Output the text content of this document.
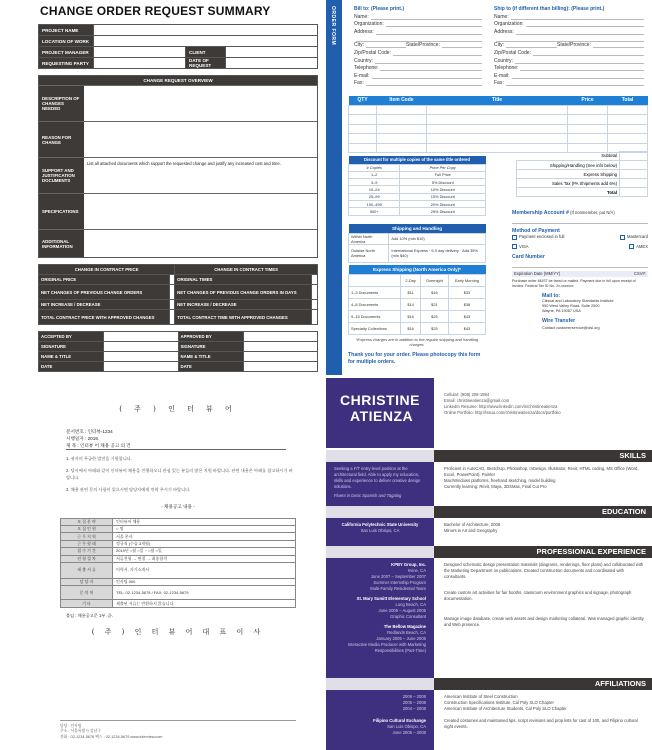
CHANGE ORDER REQUEST SUMMARY
PROJECT NAME			
LOCATION OF WORK			
PROJECT MANAGER		CLIENT	
REQUESTING PARTY		DATE OF REQUEST	
CHANGE REQUEST OVERVIEW
DESCRIPTION OF CHANGES NEEDED
REASON FOR CHANGE
SUPPORT AND JUSTIFICATION DOCUMENTS
List all attached documents which support the requested change and justify any increased cost and time.
SPECIFICATIONS
ADDITIONAL INFORMATION
CHANGE IN CONTRACT PRICE		CHANGE IN CONTRACT TIMES	
ORIGINAL PRICE		ORIGINAL TIMES	
NET CHANGES OF PREVIOUS CHANGE ORDERS		NET CHANGES OF PREVIOUS CHANGE ORDERS IN DAYS	
NET INCREASE / DECREASE		NET INCREASE / DECREASE	
TOTAL CONTRACT PRICE WITH APPROVED CHANGES		TOTAL CONTRACT TIME WITH APPROVED CHANGES	
ACCEPTED BY		APPROVED BY	
SIGNATURE		SIGNATURE	
NAME & TITLE		NAME & TITLE	
DATE		DATE	
ORDER FORM	Bill to: (Please print.)
Name:
Organization:
Address:
City:	State/Province:
Zip/Postal Code:
Country:
Telephone:
E-mail:
Fax:
Ship to (if different than billing): (Please print.)
Name:
Organization:
Address:
City:	State/Province:
Zip/Postal Code:
Country:
Telephone:
E-mail:
Fax:
QTY	Item Code	Title	Price	Total

Subtotal	
Shipping/Handling (See info below)	
Express Shipping	
Sales Tax (PA Shipments add 6%)	
Total	
Discount for multiple copies of the same title ordered	
# Copies	Price Per Copy
1–2	Full Price
3–9	5% Discount
10–24	10% Discount
25–99	15% Discount
100–499	20% Discount
500+	25% Discount
Shipping and Handling	
Within North America	Add 10% (min $10)
Outside North America	International Express · 5-9 day delivery · Add 35% (min $40)
Express Shipping (North America Only)*			
	2-Day	Overnight	Early Morning
1–3 Documents	$11	$16	$33
4–8 Documents	$14	$21	$38
9–15 Documents	$16	$25	$43
Specialty Collections	$16	$25	$43
*Express charges are in addition to the regular shipping and handling charges.
Thank you for your order. Please photocopy this form for multiple orders.
Membership Account # (If nonmember, put N/A)
Method of Payment
Payment enclosed in full	Mastercard
VISA	AMEX
Card Number
Expiration Date (MM/YY)	CSV#:
Purchase order MUST be faxed or mailed. Payment due in full upon receipt of invoice. Federal Tax ID No. 2x-xxxxxxx
Mail to:
Clinical and Laboratory Standards Institute
950 West Valley Road, Suite 2500
Wayne, PA 19087 USA
Wire Transfer
Contact customerservice@clsi.org
( 주 ) 인 터 뷰 어
문서번호 : 인터뷰-1234
시행일자 : 2019.
제 목 : 인터뷰 어 채용 공고 의 건
1. 귀사의 무궁한 발전을 기원합니다.
2. 당사에서 아래와 같이 인터뷰어 채용을 진행하오니 관심 있는 분들의 많은 지원 바랍니다. 관련 내용은 아래를 참고하시기 바랍니다.
3. 채용 관련 문의 사항이 있으시면 담당자에게 연락 주시기 바랍니다.
- 채용공고 내용 -
모 집 분 야	인터뷰어 채용
모 집 인 원	○ 명
근 무 지 역	서울 본사
근 무 형 태	정규직 (수습 3개월)
접 수 기 간	2019년 ○월 ○일 ~ ○월 ○일
전 형 절 차	서류전형 → 면접 → 최종합격
제 출 서 류	이력서, 자기소개서
담 당 자	인사팀 000
문 의 처	TEL: 02-1234-5678 / FAX: 02-1234-5679
기 타	제출된 서류는 반환하지 않습니다.
붙임 : 채용공고문 1부. 끝.
( 주 ) 인 터 뷰 어 대 표 이 사
담당 : 인사팀
주소 : 서울특별시 강남구
전화 : 02-1234-5678 팩스 : 02-1234-5679 www.interview.com
CHRISTINE
ATIENZA
Cellular: (909) 208-1984
Email: christineatienza@gmail.com
LinkedIn Resume: http://www.linkedin.com/in/christineatienza
Online Portfolio: http://issuu.com/christineatienza/docs/portfolio
SKILLS
Seeking a F/T entry-level position at the architectural field. Able to apply my education, skills and experience to deliver creative design solutions.
Fluent in basic Spanish and Tagalog
Proficient in AutoCAD, SketchUp, Photoshop, InDesign, Illustrator, Revit, HTML coding, MS Office (Word, Excel, PowerPoint), Painter
Mac/Windows platforms, freehand sketching, model building
Currently learning: Revit, Maya, 3DSMax, Final Cut Pro
EDUCATION
California Polytechnic State University
San Luis Obispo, CA
Bachelor of Architecture, 2008
Minors in Art and Geography
PROFESSIONAL EXPERIENCE
KPBY Group, Inc.
Irvine, CA
June 2007 – September 2007
Summer Internship Program
Multi-Family Residential Team
St. Mary Sumitt Elementary School
Long Beach, CA
June 2005 – August 2005
Graphic Consultant
The Bellow Magazine
Redlands Beach, CA
January 2005 – June 2005
Interactive Media Producer with Marketing Responsibilities (Part-Time)
Designed schematic design presentation materials (diagrams, renderings, floor plans) and collaborated with the Marketing Department on publications. Created construction documents and coordinated with consultants.
Create custom art activities for fair booths, classroom environment graphics and signage, photograph documentation.
Manage image database, create web assets and design marketing collateral. Was managed graphic identity and Web presence.
AFFILIATIONS
2006 – 2008
2005 – 2008
2004 – 2008
Filipino Cultural Exchange
San Luis Obispo, CA
June 2005 – 2008
American Institute of Steel Construction
Construction Specifications Institute, Cal Poly SLO Chapter
American Institute of Architecture Students, Cal Poly SLO Chapter
Created costumes and maintained tips, script revisions and prop lists for cast of 100, and Filipino cultural night events.
